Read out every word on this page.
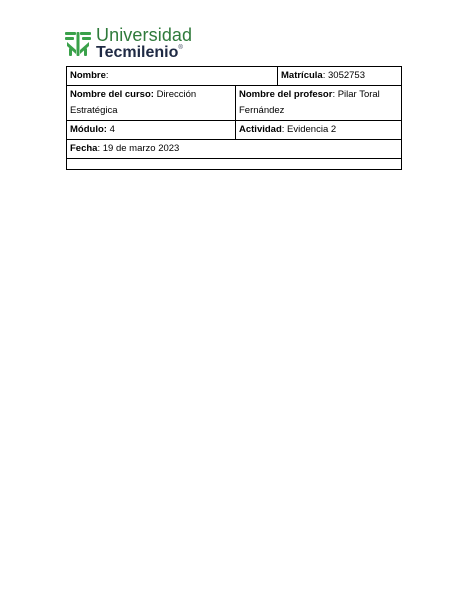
Universidad
Tecmilenio®
Nombre:		Matrícula: 3052753
Nombre del curso: Dirección Estratégica	Nombre del profesor: Pilar Toral Fernández	
Módulo: 4	Actividad: Evidencia 2	
Fecha: 19 de marzo 2023		
